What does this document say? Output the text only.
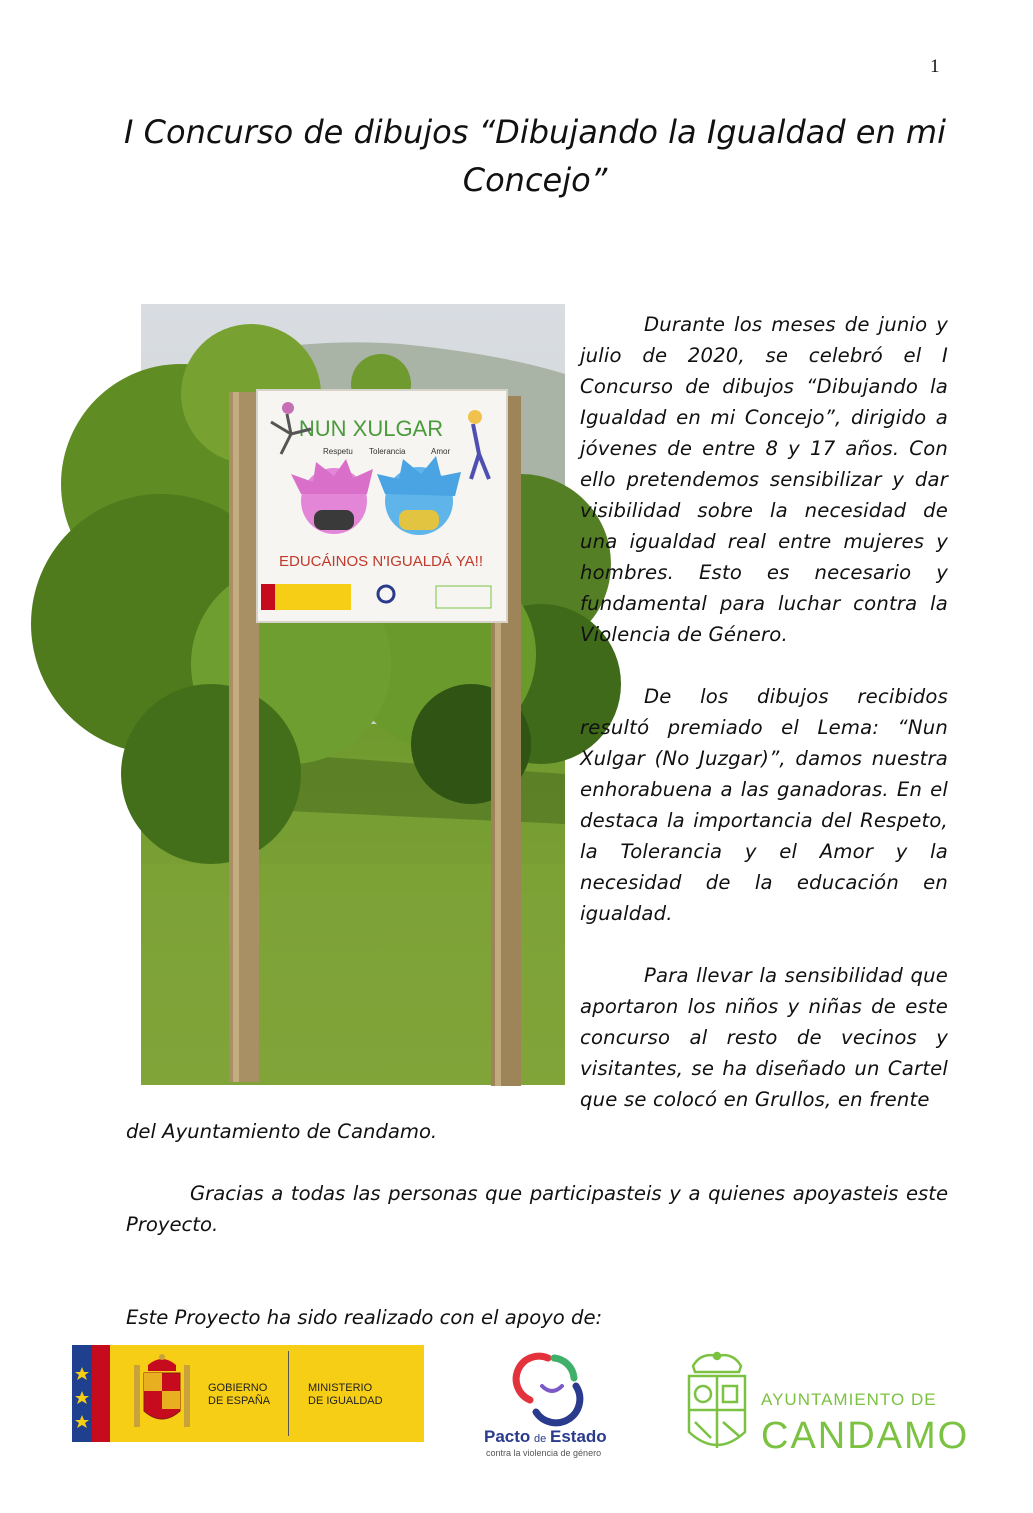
1
I Concurso de dibujos “Dibujando la Igualdad en mi Concejo”
NUN XULGAR
Respetu Tolerancia	Amor
EDUCÁINOS N'IGUALDÁ YA!!

Durante los meses de junio y julio de 2020, se celebró el I Concurso de dibujos “Dibujando la Igualdad en mi Concejo”, dirigido a jóvenes de entre 8 y 17 años. Con ello pretendemos sensibilizar y dar visibilidad sobre la necesidad de una igualdad real entre mujeres y hombres. Esto es necesario y fundamental para luchar contra la Violencia de Género.

De los dibujos recibidos resultó premiado el Lema: “Nun Xulgar (No Juzgar)”, damos nuestra enhorabuena a las ganadoras. En el destaca la importancia del Respeto, la Tolerancia y el Amor y la necesidad de la educación en igualdad.

Para llevar la sensibilidad que aportaron los niños y niñas de este concurso al resto de vecinos y visitantes, se ha diseñado un Cartel que se colocó en Grullos, en frente

del Ayuntamiento de Candamo.
Gracias a todas las personas que participasteis y a quienes apoyasteis este Proyecto.
Este Proyecto ha sido realizado con el apoyo de:
GOBIERNO
DE ESPAÑA
MINISTERIO
DE IGUALDAD
Pacto de Estado
contra la violencia de género
AYUNTAMIENTO DE
CANDAMO
